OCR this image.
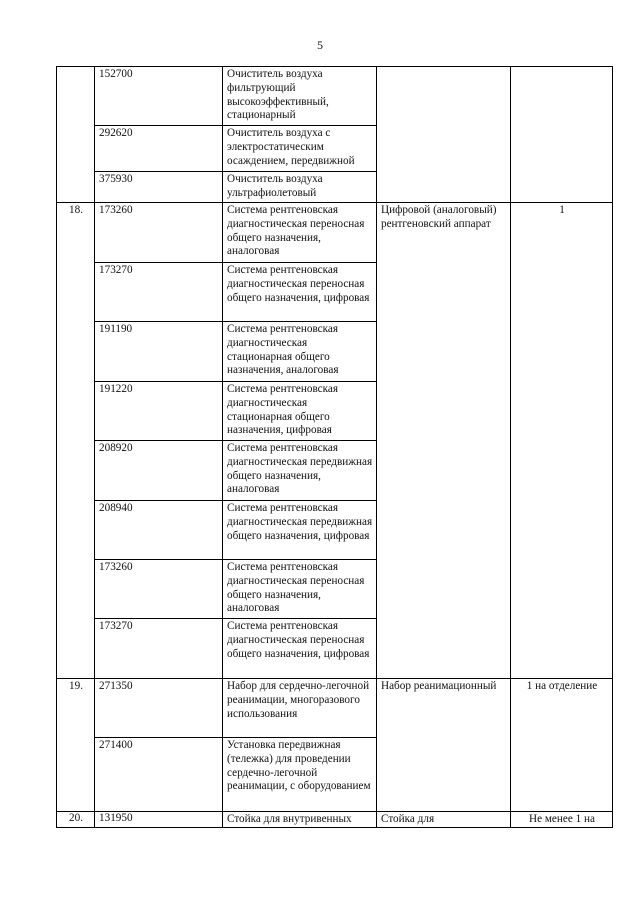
5
	152700	Очиститель воздуха фильтрующий высокоэффективный, стационарный		
	292620	Очиститель воздуха с электростатическим осаждением, передвижной		
	375930	Очиститель воздуха ультрафиолетовый		
18.	173260	Система рентгеновская диагностическая переносная общего назначения, аналоговая	Цифровой (аналоговый) рентгеновский аппарат	1
	173270	Система рентгеновская диагностическая переносная общего назначения, цифровая		
	191190	Система рентгеновская диагностическая стационарная общего назначения, аналоговая		
	191220	Система рентгеновская диагностическая стационарная общего назначения, цифровая		
	208920	Система рентгеновская диагностическая передвижная общего назначения, аналоговая		
	208940	Система рентгеновская диагностическая передвижная общего назначения, цифровая		
	173260	Система рентгеновская диагностическая переносная общего назначения, аналоговая		
	173270	Система рентгеновская диагностическая переносная общего назначения, цифровая		
19.	271350	Набор для сердечно-легочной реанимации, многоразового использования	Набор реанимационный	1 на отделение
	271400	Установка передвижная (тележка) для проведении сердечно-легочной реанимации, с оборудованием		
20.	131950	Стойка для внутривенных	Стойка для	Не менее 1 на
